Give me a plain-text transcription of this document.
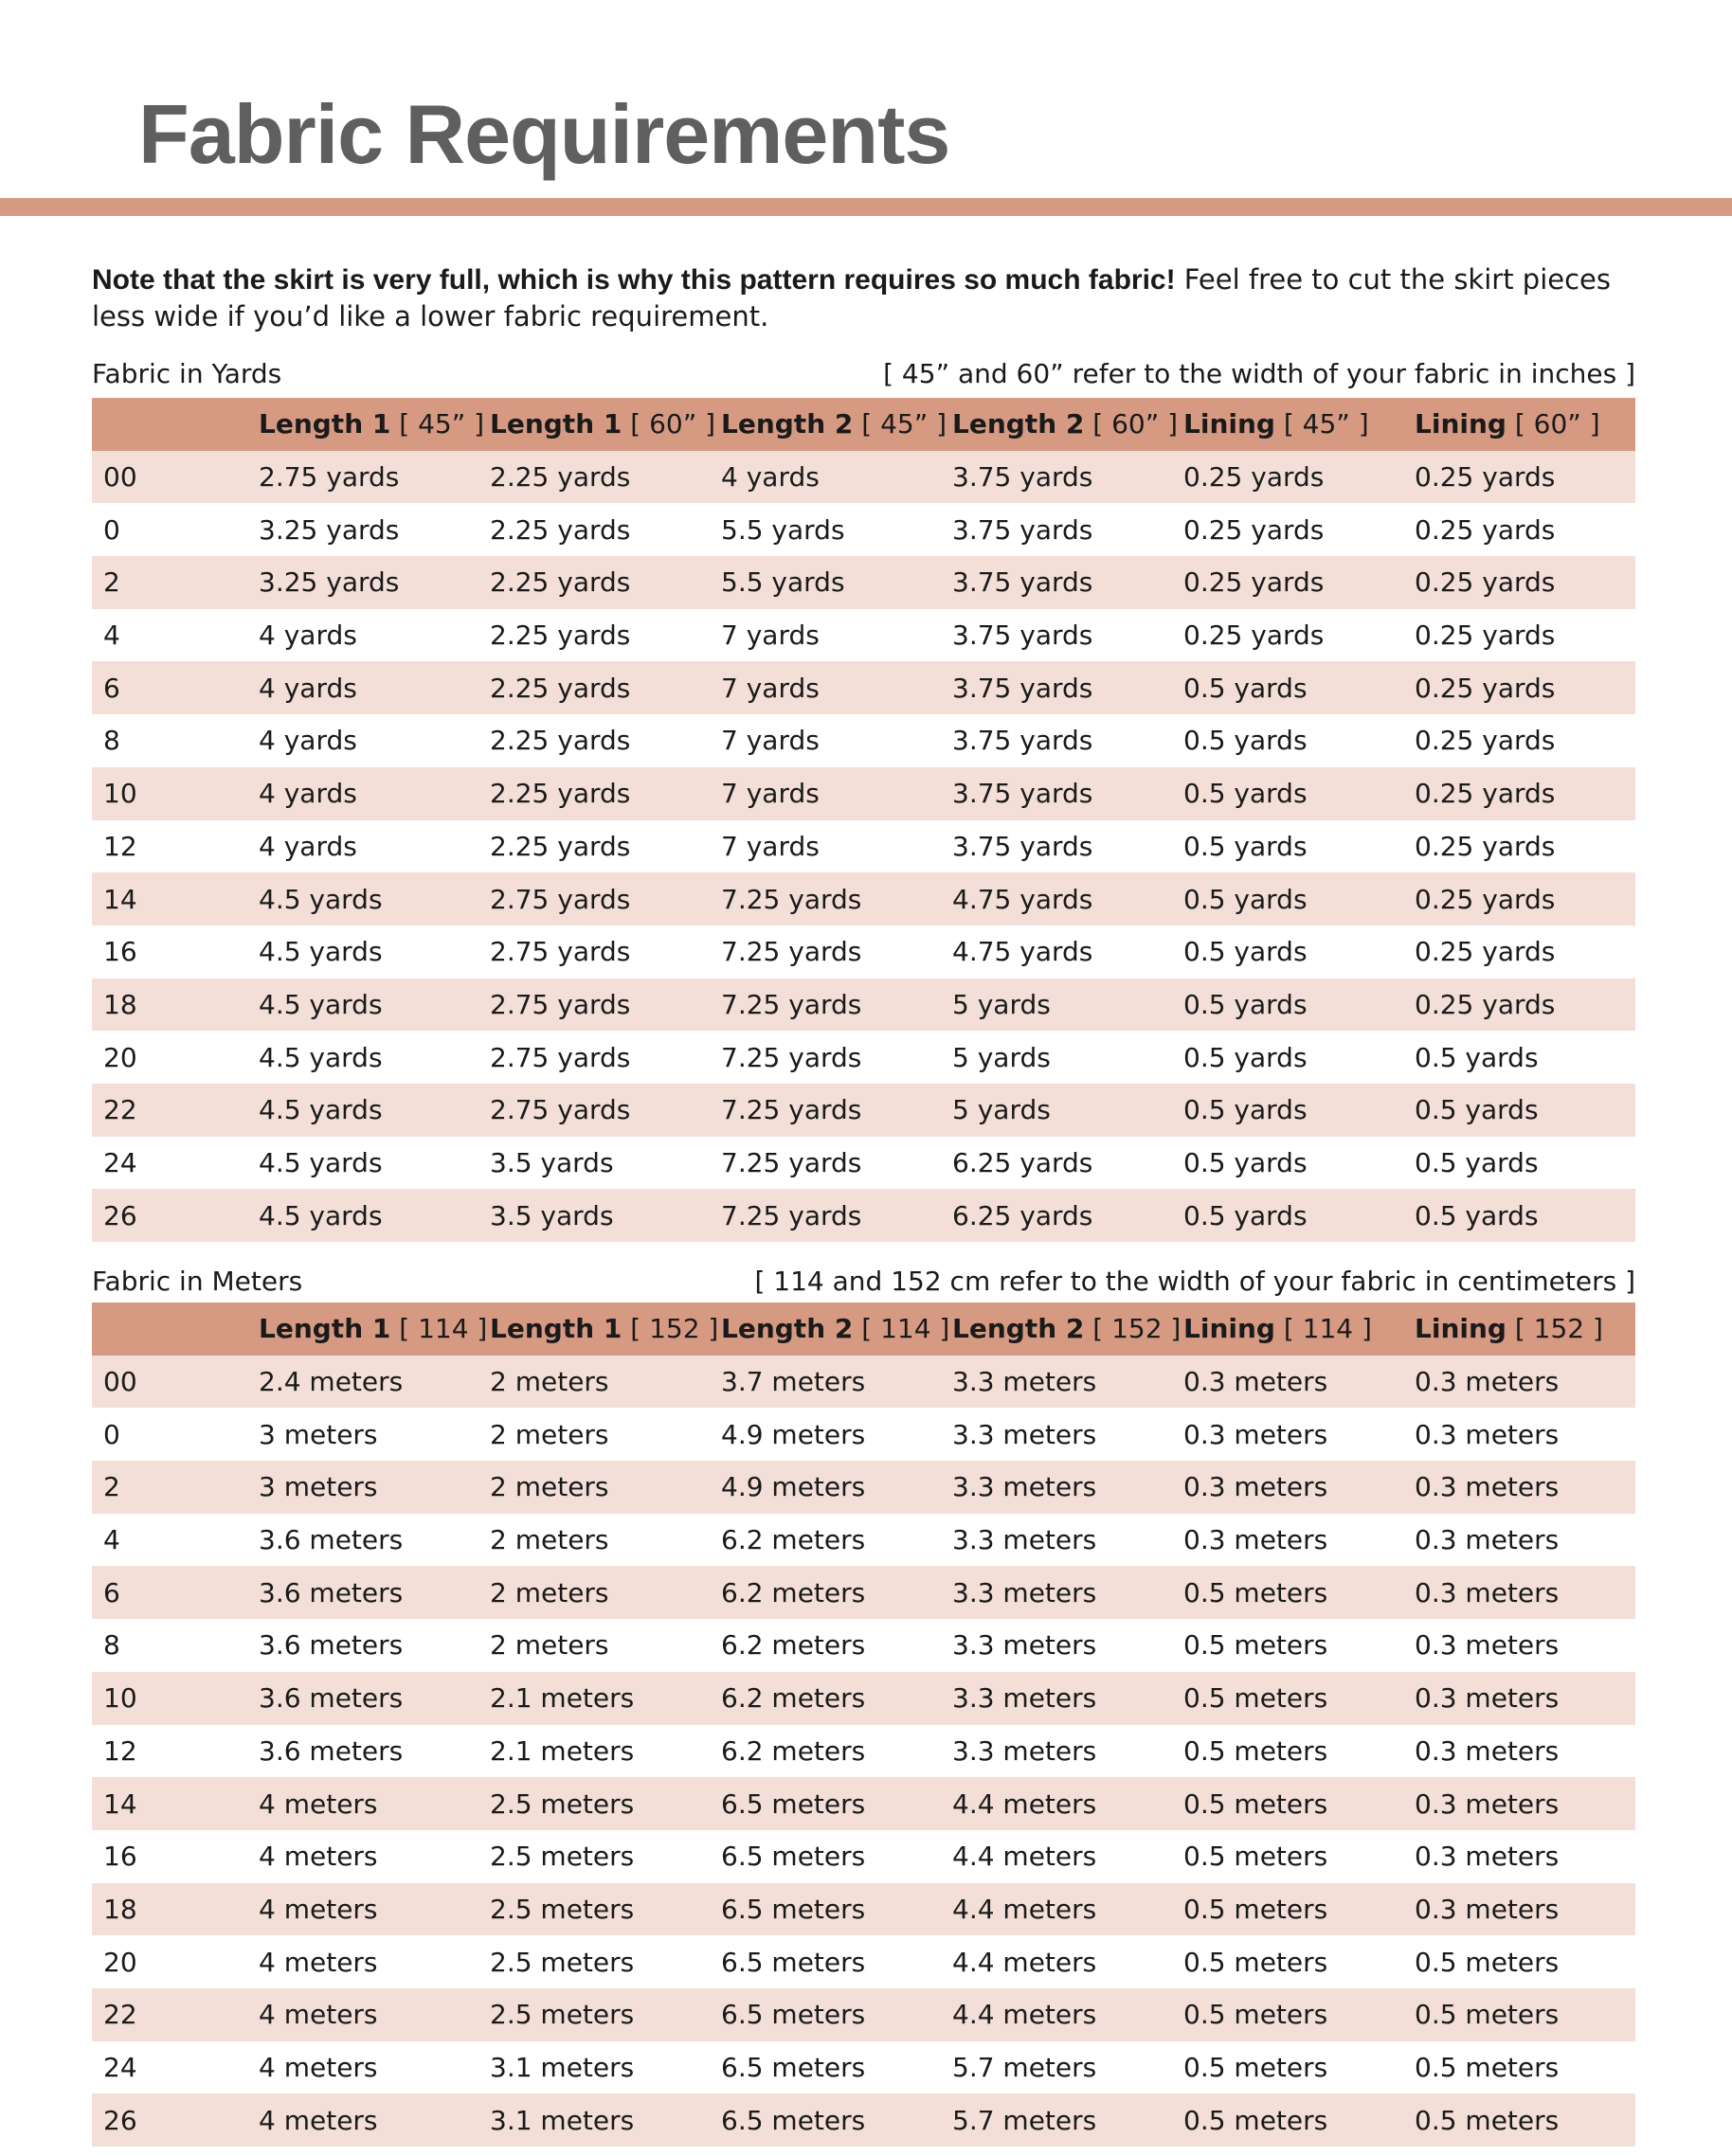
Fabric Requirements

Note that the skirt is very full, which is why this pattern requires so much fabric! Feel free to cut the skirt pieces less wide if you’d like a lower fabric requirement.

Fabric in Yards	[ 45” and 60” refer to the width of your fabric in inches ]
	Length 1 [ 45” ]	Length 1 [ 60” ]	Length 2 [ 45” ]	Length 2 [ 60” ]	Lining [ 45” ]	Lining [ 60” ]
00	2.75 yards	2.25 yards	4 yards	3.75 yards	0.25 yards	0.25 yards
0	3.25 yards	2.25 yards	5.5 yards	3.75 yards	0.25 yards	0.25 yards
2	3.25 yards	2.25 yards	5.5 yards	3.75 yards	0.25 yards	0.25 yards
4	4 yards	2.25 yards	7 yards	3.75 yards	0.25 yards	0.25 yards
6	4 yards	2.25 yards	7 yards	3.75 yards	0.5 yards	0.25 yards
8	4 yards	2.25 yards	7 yards	3.75 yards	0.5 yards	0.25 yards
10	4 yards	2.25 yards	7 yards	3.75 yards	0.5 yards	0.25 yards
12	4 yards	2.25 yards	7 yards	3.75 yards	0.5 yards	0.25 yards
14	4.5 yards	2.75 yards	7.25 yards	4.75 yards	0.5 yards	0.25 yards
16	4.5 yards	2.75 yards	7.25 yards	4.75 yards	0.5 yards	0.25 yards
18	4.5 yards	2.75 yards	7.25 yards	5 yards	0.5 yards	0.25 yards
20	4.5 yards	2.75 yards	7.25 yards	5 yards	0.5 yards	0.5 yards
22	4.5 yards	2.75 yards	7.25 yards	5 yards	0.5 yards	0.5 yards
24	4.5 yards	3.5 yards	7.25 yards	6.25 yards	0.5 yards	0.5 yards
26	4.5 yards	3.5 yards	7.25 yards	6.25 yards	0.5 yards	0.5 yards
Fabric in Meters	[ 114 and 152 cm refer to the width of your fabric in centimeters ]
	Length 1 [ 114 ]	Length 1 [ 152 ]	Length 2 [ 114 ]	Length 2 [ 152 ]	Lining [ 114 ]	Lining [ 152 ]
00	2.4 meters	2 meters	3.7 meters	3.3 meters	0.3 meters	0.3 meters
0	3 meters	2 meters	4.9 meters	3.3 meters	0.3 meters	0.3 meters
2	3 meters	2 meters	4.9 meters	3.3 meters	0.3 meters	0.3 meters
4	3.6 meters	2 meters	6.2 meters	3.3 meters	0.3 meters	0.3 meters
6	3.6 meters	2 meters	6.2 meters	3.3 meters	0.5 meters	0.3 meters
8	3.6 meters	2 meters	6.2 meters	3.3 meters	0.5 meters	0.3 meters
10	3.6 meters	2.1 meters	6.2 meters	3.3 meters	0.5 meters	0.3 meters
12	3.6 meters	2.1 meters	6.2 meters	3.3 meters	0.5 meters	0.3 meters
14	4 meters	2.5 meters	6.5 meters	4.4 meters	0.5 meters	0.3 meters
16	4 meters	2.5 meters	6.5 meters	4.4 meters	0.5 meters	0.3 meters
18	4 meters	2.5 meters	6.5 meters	4.4 meters	0.5 meters	0.3 meters
20	4 meters	2.5 meters	6.5 meters	4.4 meters	0.5 meters	0.5 meters
22	4 meters	2.5 meters	6.5 meters	4.4 meters	0.5 meters	0.5 meters
24	4 meters	3.1 meters	6.5 meters	5.7 meters	0.5 meters	0.5 meters
26	4 meters	3.1 meters	6.5 meters	5.7 meters	0.5 meters	0.5 meters
